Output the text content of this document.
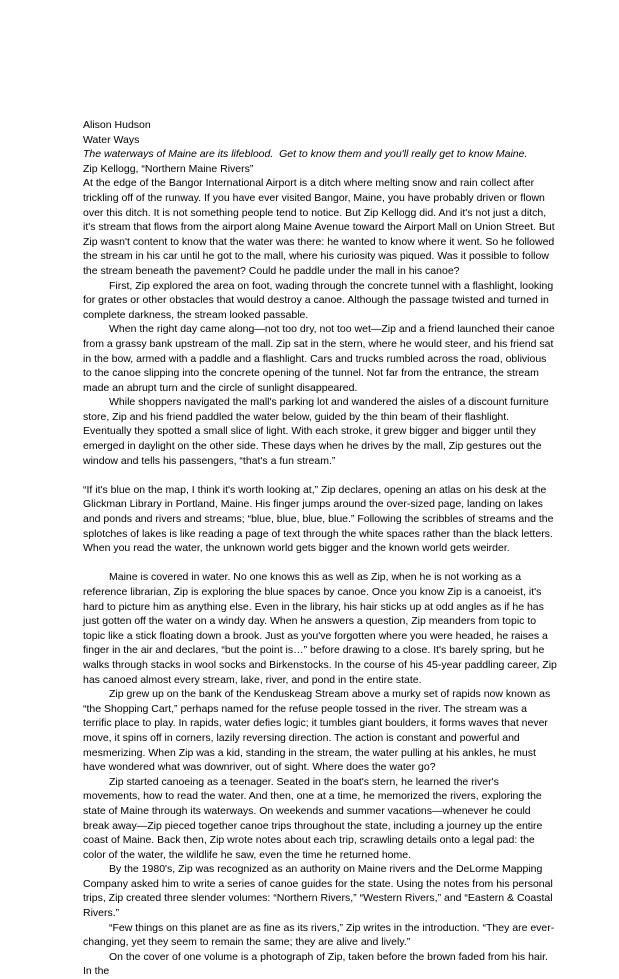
Alison Hudson
Water Ways
The waterways of Maine are its lifeblood.  Get to know them and you'll really get to know Maine.
Zip Kellogg, “Northern Maine Rivers”

At the edge of the Bangor International Airport is a ditch where melting snow and rain collect after trickling off of the runway. If you have ever visited Bangor, Maine, you have probably driven or flown over this ditch. It is not something people tend to notice. But Zip Kellogg did. And it's not just a ditch, it's stream that flows from the airport along Maine Avenue toward the Airport Mall on Union Street. But Zip wasn't content to know that the water was there: he wanted to know where it went. So he followed the stream in his car until he got to the mall, where his curiosity was piqued. Was it possible to follow the stream beneath the pavement? Could he paddle under the mall in his canoe?

First, Zip explored the area on foot, wading through the concrete tunnel with a flashlight, looking for grates or other obstacles that would destroy a canoe. Although the passage twisted and turned in complete darkness, the stream looked passable.

When the right day came along—not too dry, not too wet—Zip and a friend launched their canoe from a grassy bank upstream of the mall. Zip sat in the stern, where he would steer, and his friend sat in the bow, armed with a paddle and a flashlight. Cars and trucks rumbled across the road, oblivious to the canoe slipping into the concrete opening of the tunnel. Not far from the entrance, the stream made an abrupt turn and the circle of sunlight disappeared.

While shoppers navigated the mall's parking lot and wandered the aisles of a discount furniture store, Zip and his friend paddled the water below, guided by the thin beam of their flashlight. Eventually they spotted a small slice of light. With each stroke, it grew bigger and bigger until they emerged in daylight on the other side. These days when he drives by the mall, Zip gestures out the window and tells his passengers, “that's a fun stream.”

“If it's blue on the map, I think it's worth looking at,” Zip declares, opening an atlas on his desk at the Glickman Library in Portland, Maine. His finger jumps around the over-sized page, landing on lakes and ponds and rivers and streams; “blue, blue, blue, blue.” Following the scribbles of streams and the splotches of lakes is like reading a page of text through the white spaces rather than the black letters. When you read the water, the unknown world gets bigger and the known world gets weirder.

Maine is covered in water. No one knows this as well as Zip, when he is not working as a reference librarian, Zip is exploring the blue spaces by canoe. Once you know Zip is a canoeist, it's hard to picture him as anything else. Even in the library, his hair sticks up at odd angles as if he has just gotten off the water on a windy day. When he answers a question, Zip meanders from topic to topic like a stick floating down a brook. Just as you've forgotten where you were headed, he raises a finger in the air and declares, “but the point is…” before drawing to a close. It's barely spring, but he walks through stacks in wool socks and Birkenstocks. In the course of his 45-year paddling career, Zip has canoed almost every stream, lake, river, and pond in the entire state.

Zip grew up on the bank of the Kenduskeag Stream above a murky set of rapids now known as “the Shopping Cart,” perhaps named for the refuse people tossed in the river. The stream was a terrific place to play. In rapids, water defies logic; it tumbles giant boulders, it forms waves that never move, it spins off in corners, lazily reversing direction. The action is constant and powerful and mesmerizing. When Zip was a kid, standing in the stream, the water pulling at his ankles, he must have wondered what was downriver, out of sight. Where does the water go?

Zip started canoeing as a teenager. Seated in the boat's stern, he learned the river's movements, how to read the water. And then, one at a time, he memorized the rivers, exploring the state of Maine through its waterways. On weekends and summer vacations—whenever he could break away—Zip pieced together canoe trips throughout the state, including a journey up the entire coast of Maine. Back then, Zip wrote notes about each trip, scrawling details onto a legal pad: the color of the water, the wildlife he saw, even the time he returned home.

By the 1980's, Zip was recognized as an authority on Maine rivers and the DeLorme Mapping Company asked him to write a series of canoe guides for the state. Using the notes from his personal trips, Zip created three slender volumes: “Northern Rivers,” “Western Rivers,” and “Eastern & Coastal Rivers.”

“Few things on this planet are as fine as its rivers,” Zip writes in the introduction. “They are ever-changing, yet they seem to remain the same; they are alive and lively.”

On the cover of one volume is a photograph of Zip, taken before the brown faded from his hair. In the
